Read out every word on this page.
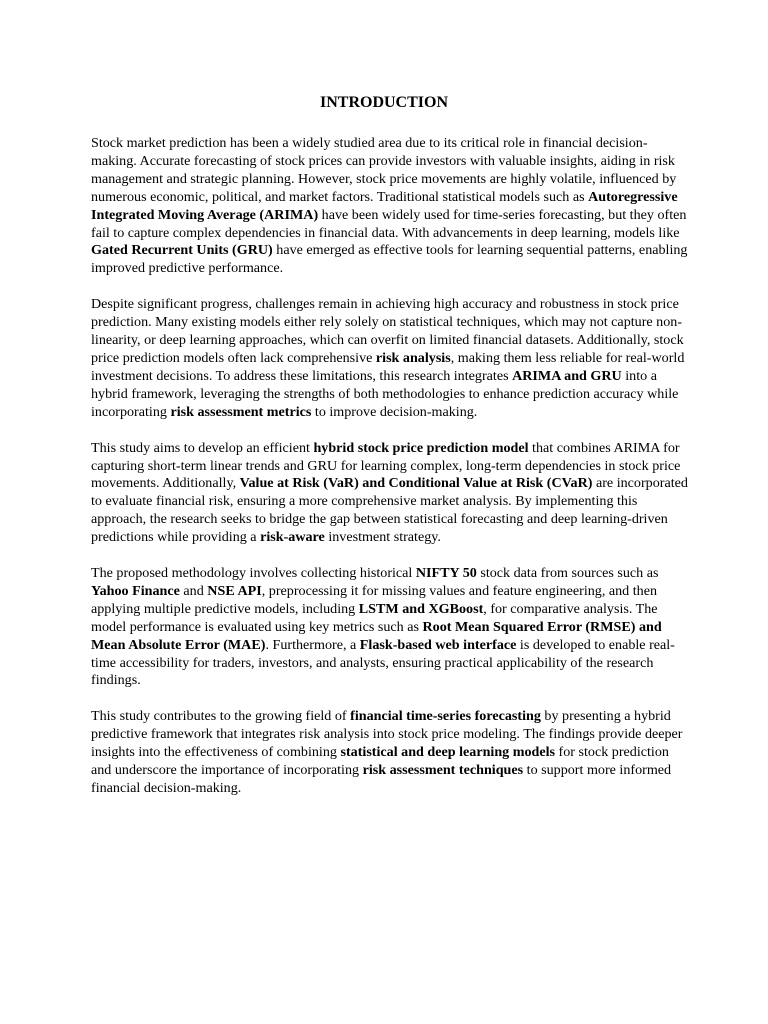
INTRODUCTION

Stock market prediction has been a widely studied area due to its critical role in financial decision-making. Accurate forecasting of stock prices can provide investors with valuable insights, aiding in risk management and strategic planning. However, stock price movements are highly volatile, influenced by numerous economic, political, and market factors. Traditional statistical models such as Autoregressive Integrated Moving Average (ARIMA) have been widely used for time-series forecasting, but they often fail to capture complex dependencies in financial data. With advancements in deep learning, models like Gated Recurrent Units (GRU) have emerged as effective tools for learning sequential patterns, enabling improved predictive performance.

Despite significant progress, challenges remain in achieving high accuracy and robustness in stock price prediction. Many existing models either rely solely on statistical techniques, which may not capture non-linearity, or deep learning approaches, which can overfit on limited financial datasets. Additionally, stock price prediction models often lack comprehensive risk analysis, making them less reliable for real-world investment decisions. To address these limitations, this research integrates ARIMA and GRU into a hybrid framework, leveraging the strengths of both methodologies to enhance prediction accuracy while incorporating risk assessment metrics to improve decision-making.

This study aims to develop an efficient hybrid stock price prediction model that combines ARIMA for capturing short-term linear trends and GRU for learning complex, long-term dependencies in stock price movements. Additionally, Value at Risk (VaR) and Conditional Value at Risk (CVaR) are incorporated to evaluate financial risk, ensuring a more comprehensive market analysis. By implementing this approach, the research seeks to bridge the gap between statistical forecasting and deep learning-driven predictions while providing a risk-aware investment strategy.

The proposed methodology involves collecting historical NIFTY 50 stock data from sources such as Yahoo Finance and NSE API, preprocessing it for missing values and feature engineering, and then applying multiple predictive models, including LSTM and XGBoost, for comparative analysis. The model performance is evaluated using key metrics such as Root Mean Squared Error (RMSE) and Mean Absolute Error (MAE). Furthermore, a Flask-based web interface is developed to enable real-time accessibility for traders, investors, and analysts, ensuring practical applicability of the research findings.

This study contributes to the growing field of financial time-series forecasting by presenting a hybrid predictive framework that integrates risk analysis into stock price modeling. The findings provide deeper insights into the effectiveness of combining statistical and deep learning models for stock prediction and underscore the importance of incorporating risk assessment techniques to support more informed financial decision-making.
